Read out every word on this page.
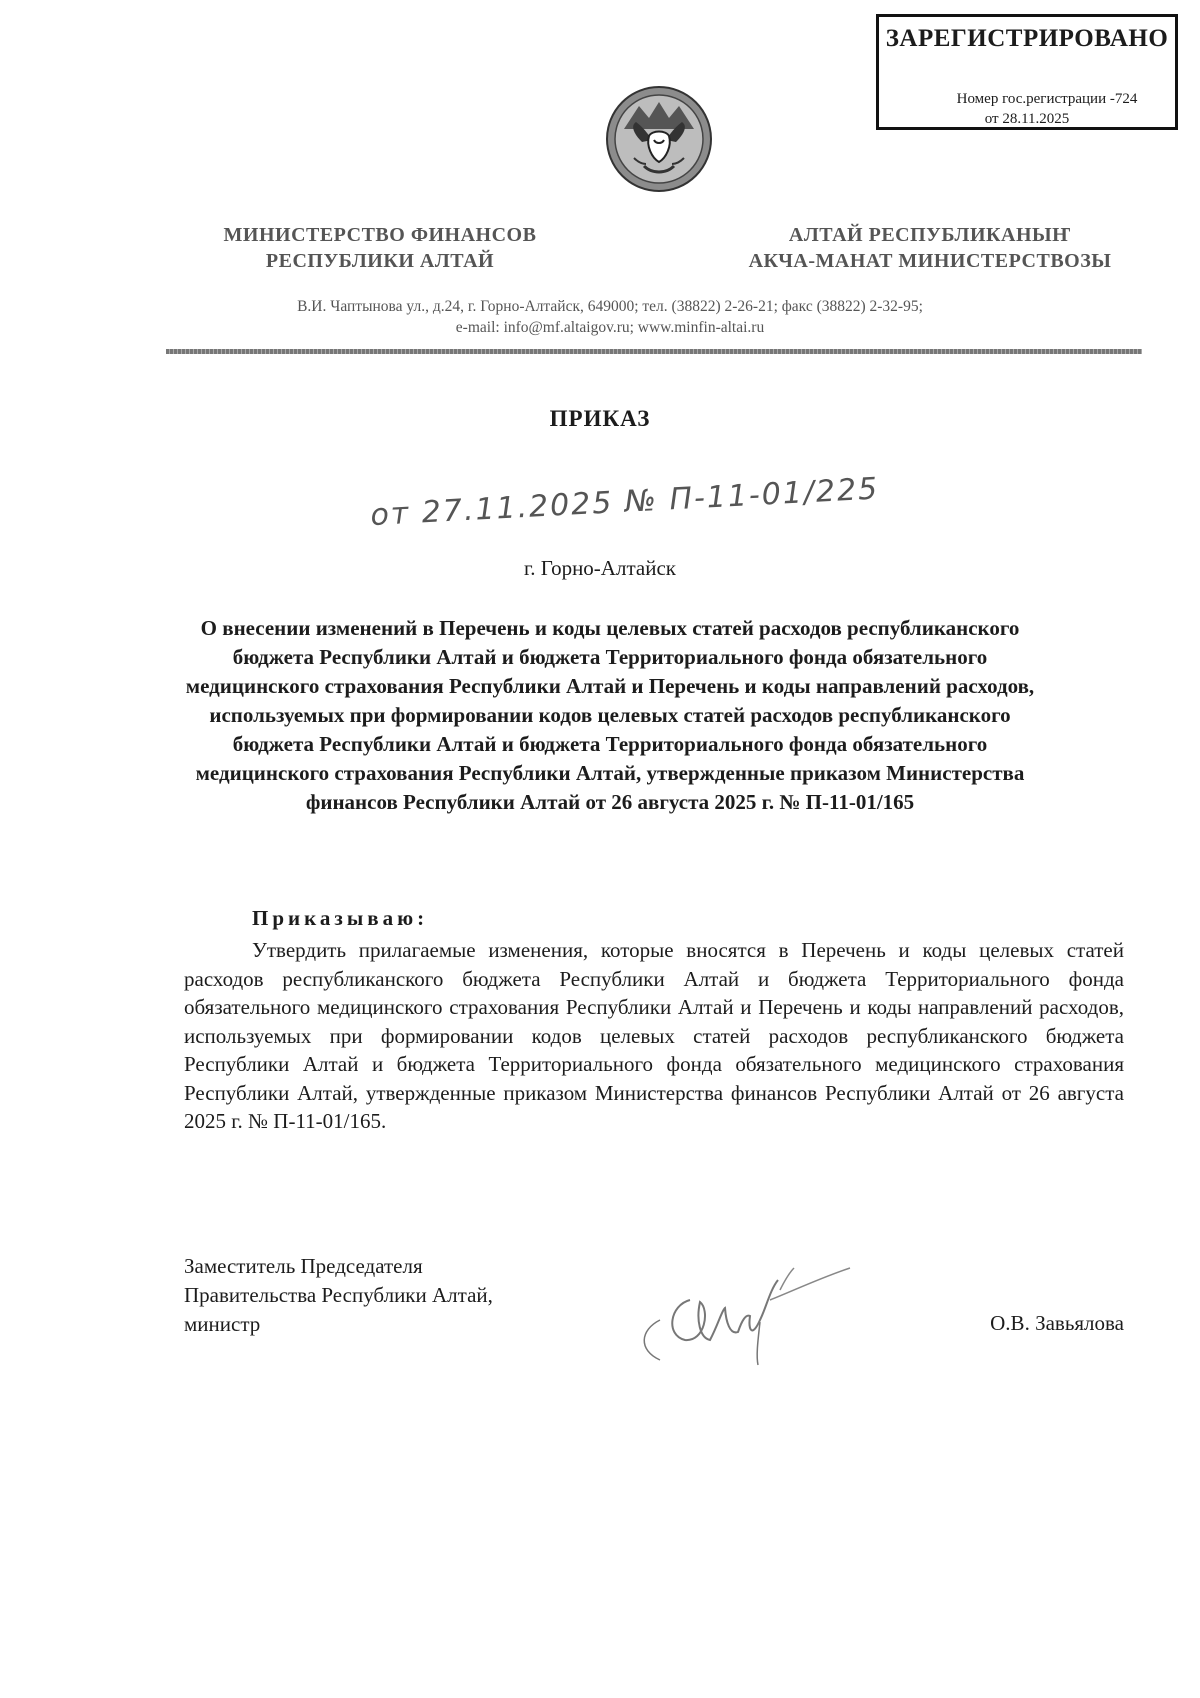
ЗАРЕГИСТРИРОВАНО
Номер гос.регистрации -724
от 28.11.2025
МИНИСТЕРСТВО ФИНАНСОВ
РЕСПУБЛИКИ АЛТАЙ
АЛТАЙ РЕСПУБЛИКАНЫҤ
АКЧА-МАНАТ МИНИСТЕРСТВОЗЫ
В.И. Чаптынова ул., д.24, г. Горно-Алтайск, 649000; тел. (38822) 2-26-21; факс (38822) 2-32-95;
e-mail: info@mf.altaigov.ru; www.minfin-altai.ru
ПРИКАЗ
от 27.11.2025 № П-11-01/225
г. Горно-Алтайск
О внесении изменений в Перечень и коды целевых статей расходов республиканского бюджета Республики Алтай и бюджета Территориального фонда обязательного медицинского страхования Республики Алтай и Перечень и коды направлений расходов, используемых при формировании кодов целевых статей расходов республиканского бюджета Республики Алтай и бюджета Территориального фонда обязательного медицинского страхования Республики Алтай, утвержденные приказом Министерства финансов Республики Алтай от 26 августа 2025 г. № П-11-01/165
Приказываю:
Утвердить прилагаемые изменения, которые вносятся в Перечень и коды целевых статей расходов республиканского бюджета Республики Алтай и бюджета Территориального фонда обязательного медицинского страхования Республики Алтай и Перечень и коды направлений расходов, используемых при формировании кодов целевых статей расходов республиканского бюджета Республики Алтай и бюджета Территориального фонда обязательного медицинского страхования Республики Алтай, утвержденные приказом Министерства финансов Республики Алтай от 26 августа 2025 г. № П-11-01/165.
Заместитель Председателя
Правительства Республики Алтай,
министр	О.В. Завьялова
